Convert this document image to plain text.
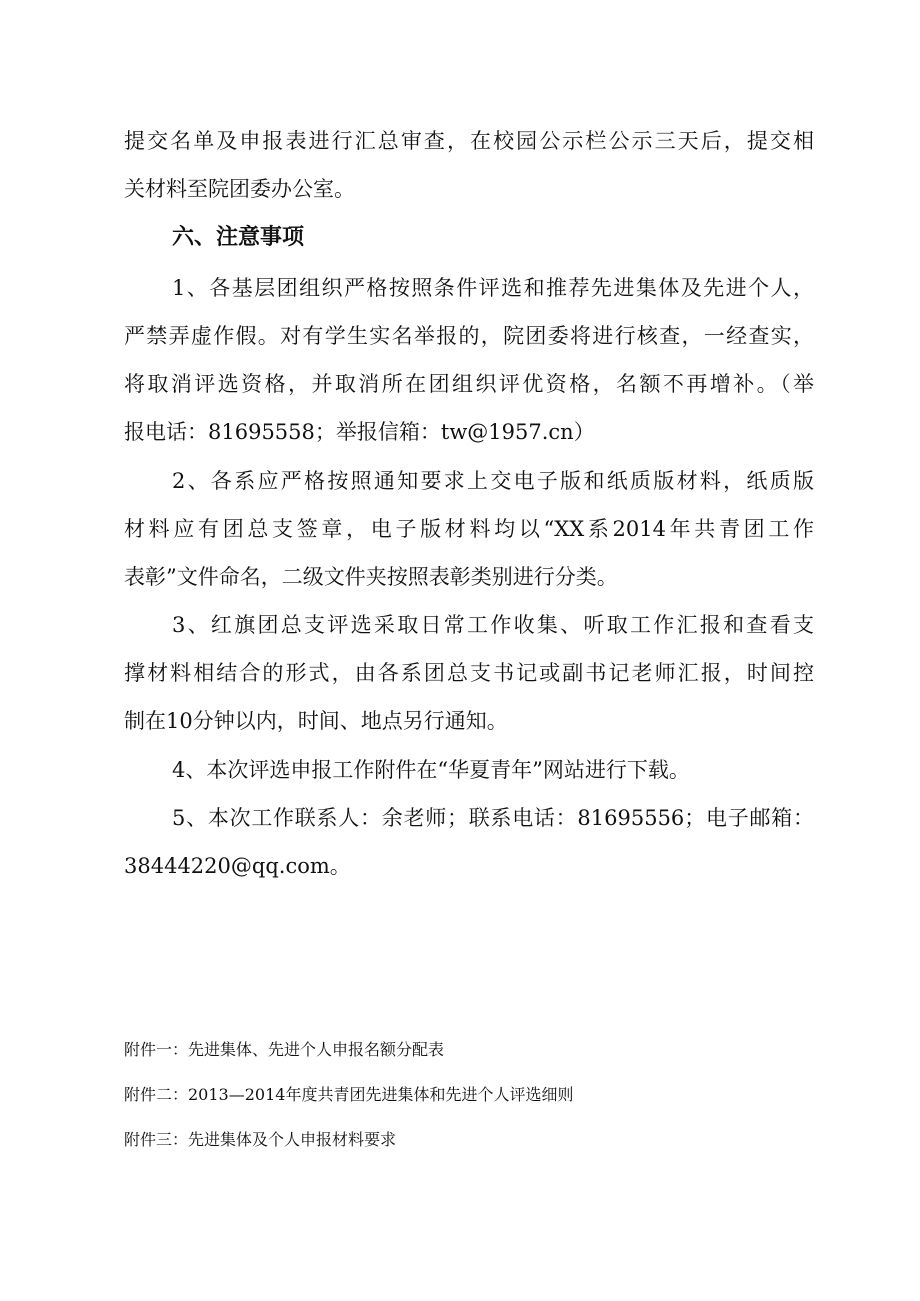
提交名单及申报表进行汇总审查，在校园公示栏公示三天后，提交相
关材料至院团委办公室。
六、注意事项
1、各基层团组织严格按照条件评选和推荐先进集体及先进个人，
严禁弄虚作假。对有学生实名举报的，院团委将进行核查，一经查实，
将取消评选资格，并取消所在团组织评优资格，名额不再增补。（举
报电话：81695558；举报信箱：tw@1957.cn）
2、各系应严格按照通知要求上交电子版和纸质版材料，纸质版
材料应有团总支签章，电子版材料均以“XX系2014年共青团工作
表彰”文件命名，二级文件夹按照表彰类别进行分类。
3、红旗团总支评选采取日常工作收集、听取工作汇报和查看支
撑材料相结合的形式，由各系团总支书记或副书记老师汇报，时间控
制在10分钟以内，时间、地点另行通知。
4、本次评选申报工作附件在“华夏青年”网站进行下载。
5、本次工作联系人：余老师；联系电话：81695556；电子邮箱：
38444220@qq.com。
附件一：先进集体、先进个人申报名额分配表
附件二：2013—2014年度共青团先进集体和先进个人评选细则
附件三：先进集体及个人申报材料要求
